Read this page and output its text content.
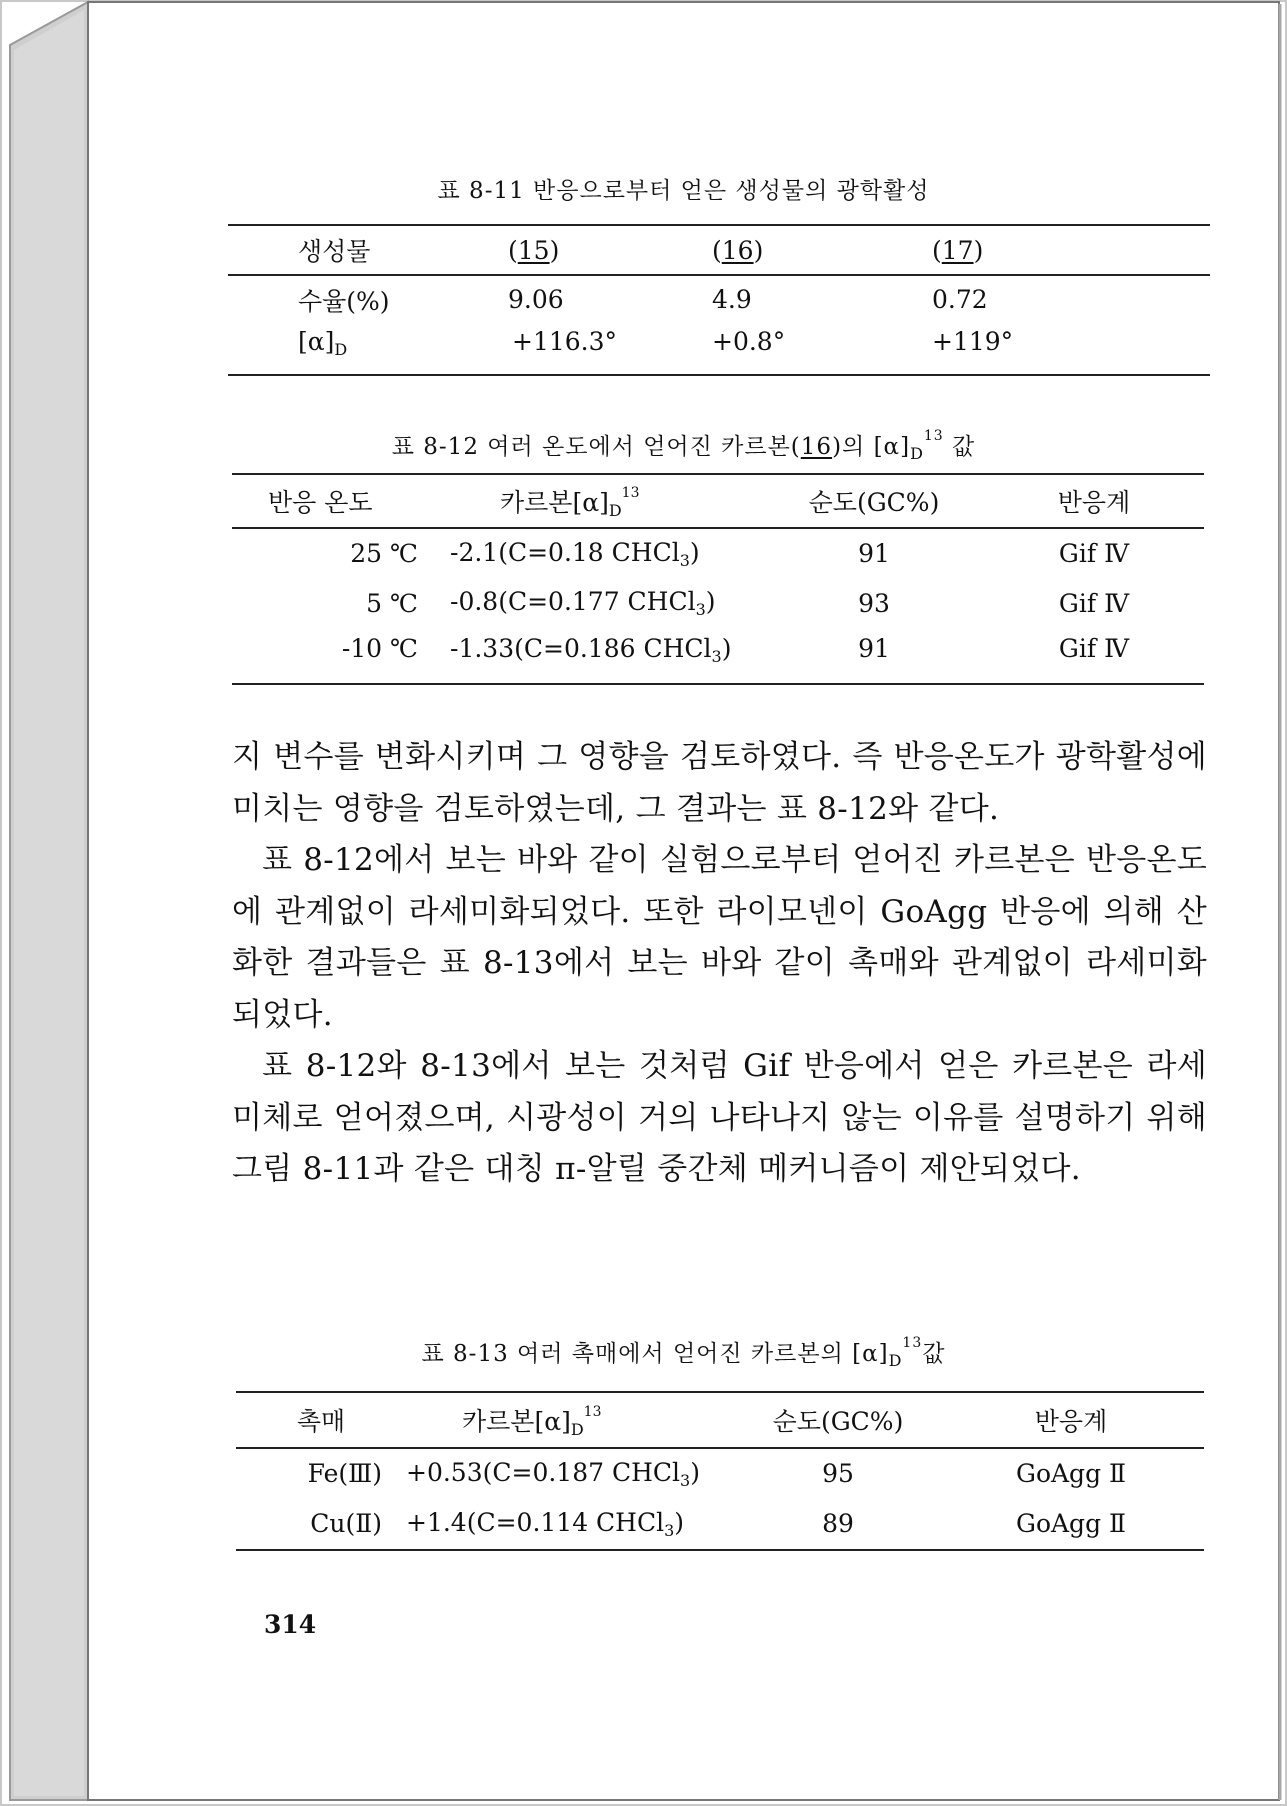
표 8-11 반응으로부터 얻은 생성물의 광학활성
생성물	(15)	(16)	(17)
수율(%)	9.06	4.9	0.72
$[\alpha]_D$	+116.3°	+0.8°	+119°
표 8-12 여러 온도에서 얻어진 카르본(16)의 $[\alpha]_D^{13}$ 값
반응 온도	카르본$[\alpha]_D^{13}$	순도(GC%)	반응계
25 ℃	-2.1(C=0.18 CHCl$_3$)	91	Gif Ⅳ
5 ℃	-0.8(C=0.177 CHCl$_3$)	93	Gif Ⅳ
-10 ℃	-1.33(C=0.186 CHCl$_3$)	91	Gif Ⅳ

지 변수를 변화시키며 그 영향을 검토하였다. 즉 반응온도가 광학활성에 미치는 영향을 검토하였는데, 그 결과는 표 8-12와 같다.

표 8-12에서 보는 바와 같이 실험으로부터 얻어진 카르본은 반응온도에 관계없이 라세미화되었다. 또한 라이모넨이 GoAgg 반응에 의해 산화한 결과들은 표 8-13에서 보는 바와 같이 촉매와 관계없이 라세미화되었다.

표 8-12와 8-13에서 보는 것처럼 Gif 반응에서 얻은 카르본은 라세미체로 얻어졌으며, 시광성이 거의 나타나지 않는 이유를 설명하기 위해 그림 8-11과 같은 대칭 π-알릴 중간체 메커니즘이 제안되었다.

표 8-13 여러 촉매에서 얻어진 카르본의 $[\alpha]_D^{13}$값
촉매	카르본$[\alpha]_D^{13}$	순도(GC%)	반응계
Fe(Ⅲ)	+0.53(C=0.187 CHCl$_3$)	95	GoAgg Ⅱ
Cu(Ⅱ)	+1.4(C=0.114 CHCl$_3$)	89	GoAgg Ⅱ
314
